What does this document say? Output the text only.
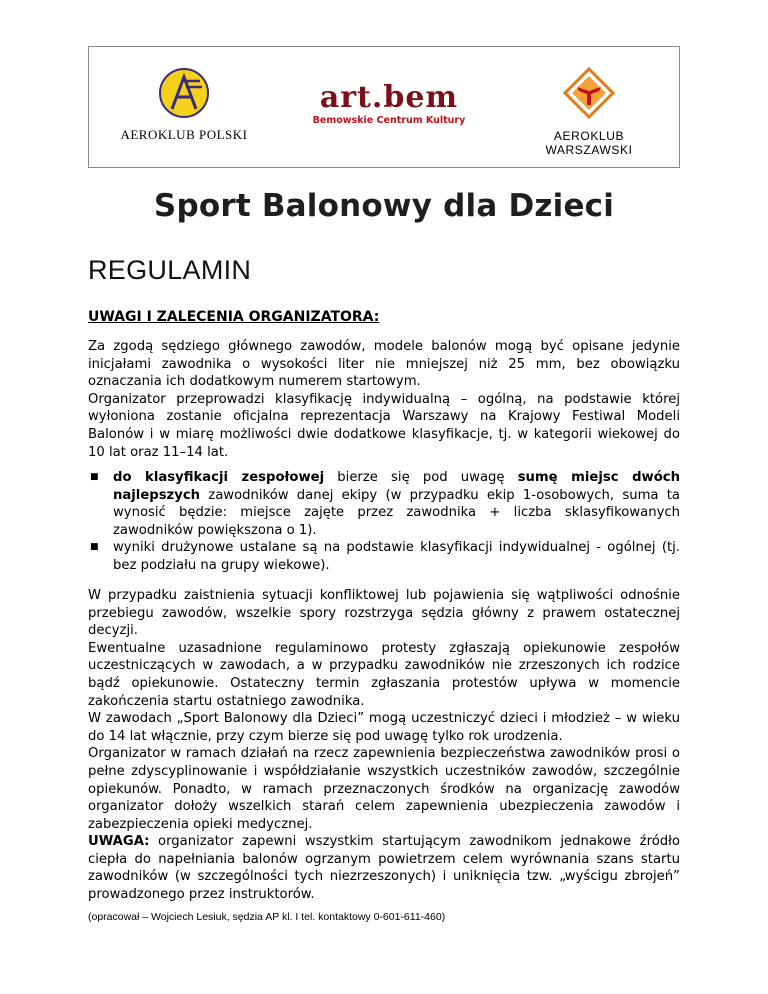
AEROKLUB POLSKI
art.bem
Bemowskie Centrum Kultury
AEROKLUB WARSZAWSKI
Sport Balonowy dla Dzieci
REGULAMIN
UWAGI I ZALECENIA ORGANIZATORA:

Za zgodą sędziego głównego zawodów, modele balonów mogą być opisane jedynie inicjałami zawodnika o wysokości liter nie mniejszej niż 25 mm, bez obowiązku oznaczania ich dodatkowym numerem startowym.

Organizator przeprowadzi klasyfikację indywidualną – ogólną, na podstawie której wyłoniona zostanie oficjalna reprezentacja Warszawy na Krajowy Festiwal Modeli Balonów i w miarę możliwości dwie dodatkowe klasyfikacje, tj. w kategorii wiekowej do 10 lat oraz 11–14 lat.

■ do klasyfikacji zespołowej bierze się pod uwagę sumę miejsc dwóch najlepszych zawodników danej ekipy (w przypadku ekip 1-osobowych, suma ta wynosić będzie: miejsce zajęte przez zawodnika + liczba sklasyfikowanych zawodników powiększona o 1).
■ wyniki drużynowe ustalane są na podstawie klasyfikacji indywidualnej - ogólnej (tj. bez podziału na grupy wiekowe).

W przypadku zaistnienia sytuacji konfliktowej lub pojawienia się wątpliwości odnośnie przebiegu zawodów, wszelkie spory rozstrzyga sędzia główny z prawem ostatecznej decyzji.

Ewentualne uzasadnione regulaminowo protesty zgłaszają opiekunowie zespołów uczestniczących w zawodach, a w przypadku zawodników nie zrzeszonych ich rodzice bądź opiekunowie. Ostateczny termin zgłaszania protestów upływa w momencie zakończenia startu ostatniego zawodnika.

W zawodach „Sport Balonowy dla Dzieci” mogą uczestniczyć dzieci i młodzież – w wieku do 14 lat włącznie, przy czym bierze się pod uwagę tylko rok urodzenia.

Organizator w ramach działań na rzecz zapewnienia bezpieczeństwa zawodników prosi o pełne zdyscyplinowanie i współdziałanie wszystkich uczestników zawodów, szczególnie opiekunów. Ponadto, w ramach przeznaczonych środków na organizację zawodów organizator dołoży wszelkich starań celem zapewnienia ubezpieczenia zawodów i zabezpieczenia opieki medycznej.

UWAGA: organizator zapewni wszystkim startującym zawodnikom jednakowe źródło ciepła do napełniania balonów ogrzanym powietrzem celem wyrównania szans startu zawodników (w szczególności tych niezrzeszonych) i uniknięcia tzw. „wyścigu zbrojeń” prowadzonego przez instruktorów.

(opracował – Wojciech Lesiuk, sędzia AP kl. I tel. kontaktowy 0-601-611-460)
